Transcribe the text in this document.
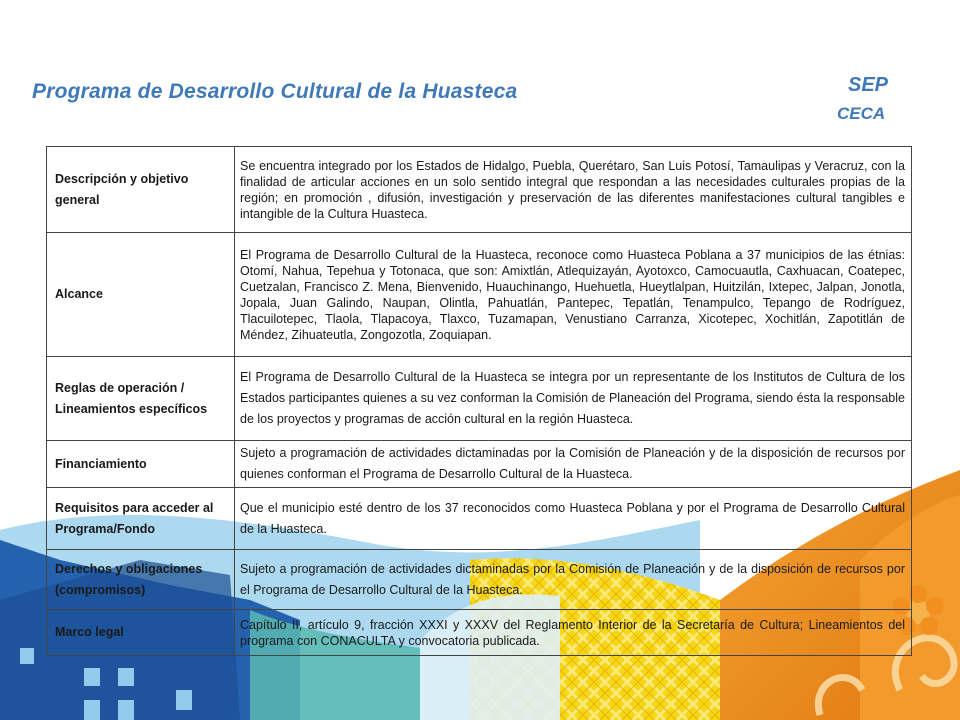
Programa de Desarrollo Cultural de la Huasteca	SEP
CECA
Descripción y objetivo general	Se encuentra integrado por los Estados de Hidalgo, Puebla, Querétaro, San Luis Potosí, Tamaulipas y Veracruz, con la finalidad de articular acciones en un solo sentido integral que respondan a las necesidades culturales propias de la región; en promoción , difusión, investigación y preservación de las diferentes manifestaciones cultural tangibles e intangible de la Cultura Huasteca.
Alcance	El Programa de Desarrollo Cultural de la Huasteca, reconoce como Huasteca Poblana a 37 municipios de las étnias: Otomí, Nahua, Tepehua y Totonaca, que son: Amixtlán, Atlequizayán, Ayotoxco, Camocuautla, Caxhuacan, Coatepec, Cuetzalan, Francisco Z. Mena, Bienvenido, Huauchinango, Huehuetla, Hueytlalpan, Huitzilán, Ixtepec, Jalpan, Jonotla, Jopala, Juan Galindo, Naupan, Olintla, Pahuatlán, Pantepec, Tepatlán, Tenampulco, Tepango de Rodríguez, Tlacuilotepec, Tlaola, Tlapacoya, Tlaxco, Tuzamapan, Venustiano Carranza, Xicotepec, Xochitlán, Zapotitlán de Méndez, Zihuateutla, Zongozotla, Zoquiapan.
Reglas de operación / Lineamientos específicos	El Programa de Desarrollo Cultural de la Huasteca se integra por un representante de los Institutos de Cultura de los Estados participantes quienes a su vez conforman la Comisión de Planeación del Programa, siendo ésta la responsable de los proyectos y programas de acción cultural en la región Huasteca.
Financiamiento	Sujeto a programación de actividades dictaminadas por la Comisión de Planeación y de la disposición de recursos por quienes conforman el Programa de Desarrollo Cultural de la Huasteca.
Requisitos para acceder al Programa/Fondo	Que el municipio esté dentro de los 37 reconocidos como Huasteca Poblana y por el Programa de Desarrollo Cultural de la Huasteca.
Derechos y obligaciones (compromisos)	Sujeto a programación de actividades dictaminadas por la Comisión de Planeación y de la disposición de recursos por el Programa de Desarrollo Cultural de la Huasteca.
Marco legal	Capítulo II, artículo 9, fracción XXXI y XXXV del Reglamento Interior de la Secretaría de Cultura; Lineamientos del programa con CONACULTA y convocatoria publicada.
